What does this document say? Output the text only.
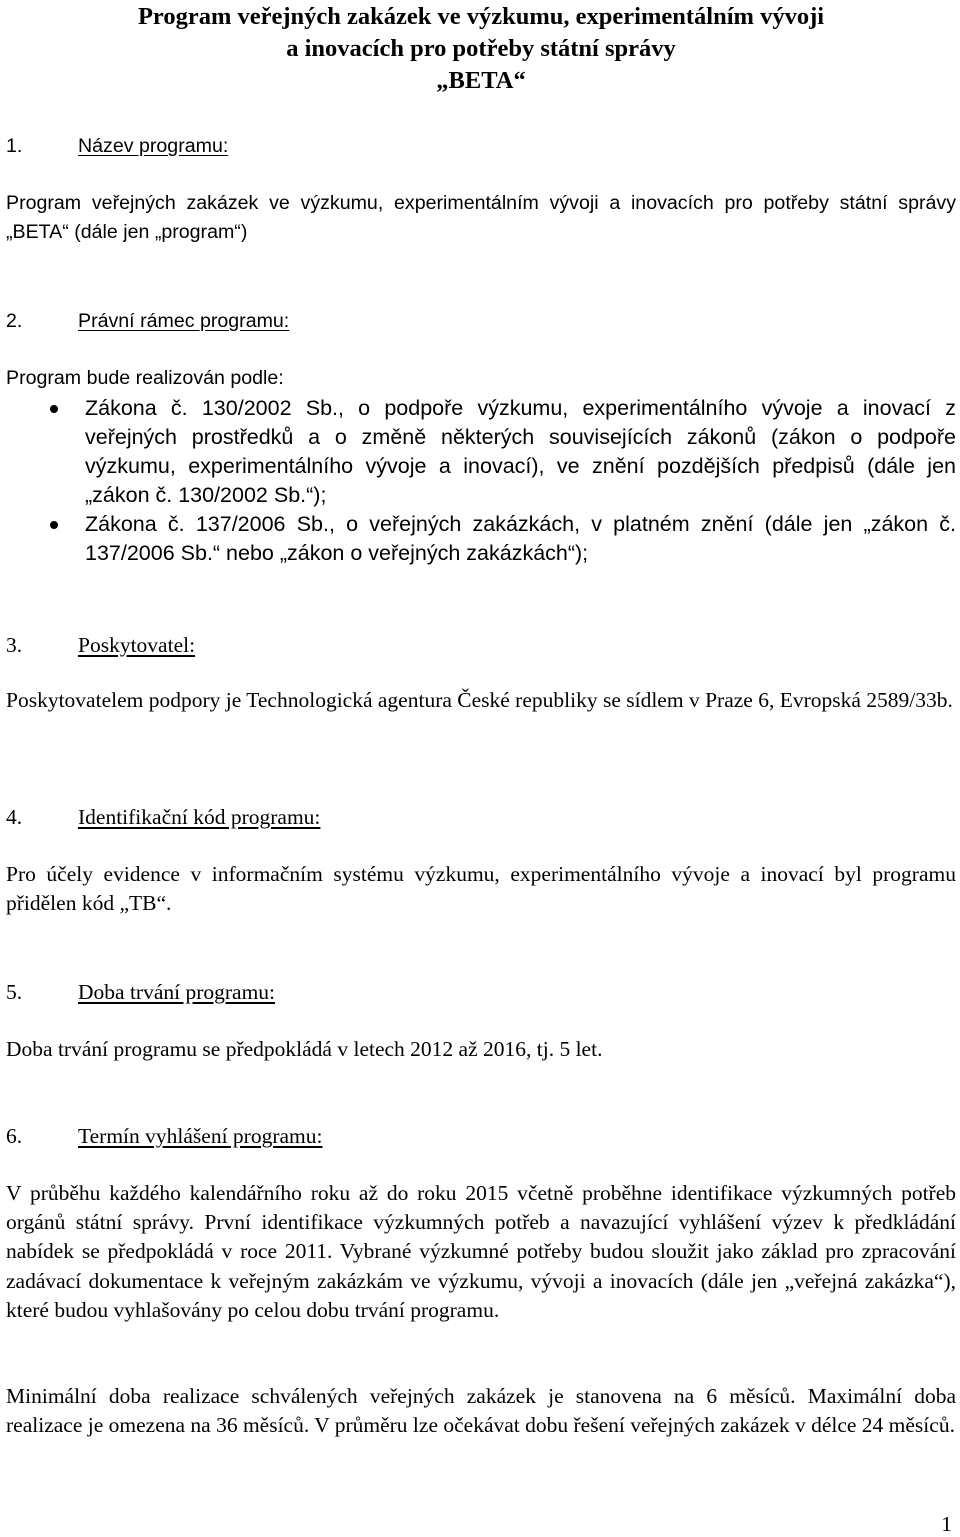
Program veřejných zakázek ve výzkumu, experimentálním vývoji
a inovacích pro potřeby státní správy
„BETA“
1.	Název programu:

Program veřejných zakázek ve výzkumu, experimentálním vývoji a inovacích pro potřeby státní správy „BETA“ (dále jen „program“)

2.	Právní rámec programu:

Program bude realizován podle:

Zákona č. 130/2002 Sb., o podpoře výzkumu, experimentálního vývoje a inovací z veřejných prostředků a o změně některých souvisejících zákonů (zákon o podpoře výzkumu, experimentálního vývoje a inovací), ve znění pozdějších předpisů (dále jen „zákon č. 130/2002 Sb.“);
Zákona č. 137/2006 Sb., o veřejných zakázkách, v platném znění (dále jen „zákon č. 137/2006 Sb.“ nebo „zákon o veřejných zakázkách“);
3.	Poskytovatel:

Poskytovatelem podpory je Technologická agentura České republiky se sídlem v Praze 6, Evropská 2589/33b.

4.	Identifikační kód programu:

Pro účely evidence v informačním systému výzkumu, experimentálního vývoje a inovací byl programu přidělen kód „TB“.

5.	Doba trvání programu:

Doba trvání programu se předpokládá v letech 2012 až 2016, tj. 5 let.

6.	Termín vyhlášení programu:

V průběhu každého kalendářního roku až do roku 2015 včetně proběhne identifikace výzkumných potřeb orgánů státní správy. První identifikace výzkumných potřeb a navazující vyhlášení výzev k předkládání nabídek se předpokládá v roce 2011. Vybrané výzkumné potřeby budou sloužit jako základ pro zpracování zadávací dokumentace k veřejným zakázkám ve výzkumu, vývoji a inovacích (dále jen „veřejná zakázka“), které budou vyhlašovány po celou dobu trvání programu.

Minimální doba realizace schválených veřejných zakázek je stanovena na 6 měsíců. Maximální doba realizace je omezena na 36 měsíců. V průměru lze očekávat dobu řešení veřejných zakázek v délce 24 měsíců.

1
